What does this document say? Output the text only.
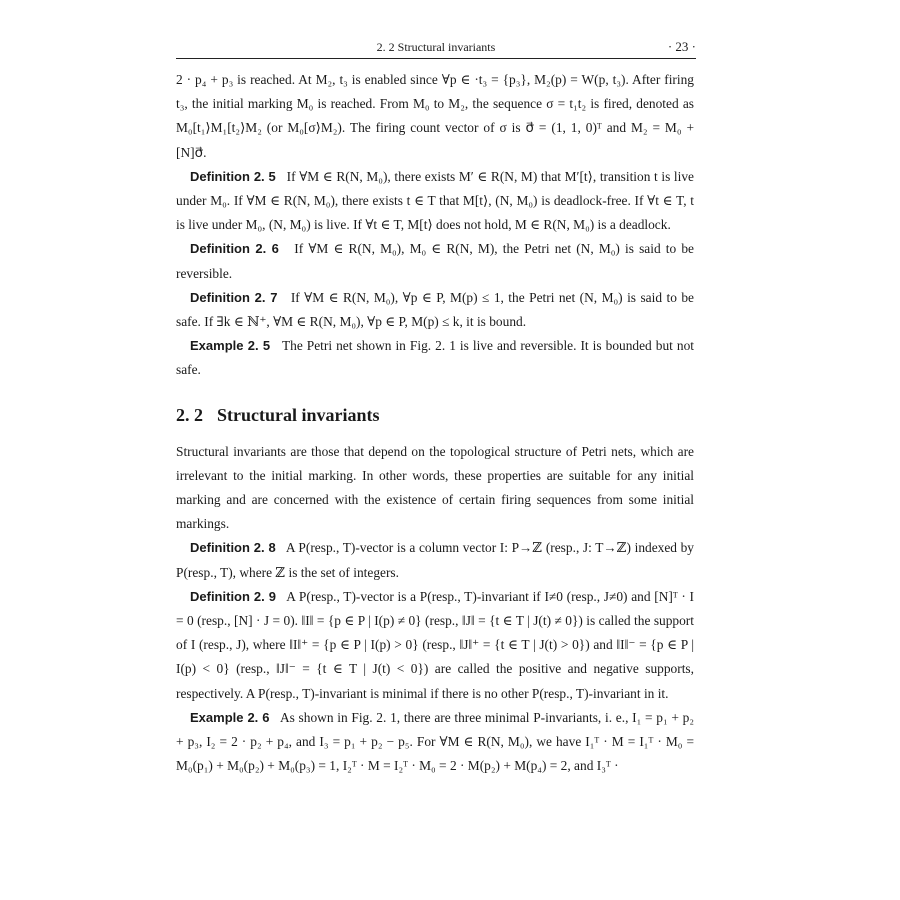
2. 2 Structural invariants	· 23 ·

2 · p₄ + p₃ is reached. At M₂, t₃ is enabled since ∀p ∈ ·t₃ = {p₃}, M₂(p) = W(p, t₃). After firing t₃, the initial marking M₀ is reached. From M₀ to M₂, the sequence σ = t₁t₂ is fired, denoted as M₀[t₁⟩M₁[t₂⟩M₂ (or M₀[σ⟩M₂). The firing count vector of σ is σ⃗ = (1, 1, 0)ᵀ and M₂ = M₀ + [N]σ⃗.

Definition 2. 5 If ∀M ∈ R(N, M₀), there exists M′ ∈ R(N, M) that M′[t⟩, transition t is live under M₀. If ∀M ∈ R(N, M₀), there exists t ∈ T that M[t⟩, (N, M₀) is deadlock-free. If ∀t ∈ T, t is live under M₀, (N, M₀) is live. If ∀t ∈ T, M[t⟩ does not hold, M ∈ R(N, M₀) is a deadlock.

Definition 2. 6 If ∀M ∈ R(N, M₀), M₀ ∈ R(N, M), the Petri net (N, M₀) is said to be reversible.

Definition 2. 7 If ∀M ∈ R(N, M₀), ∀p ∈ P, M(p) ≤ 1, the Petri net (N, M₀) is said to be safe. If ∃k ∈ ℕ⁺, ∀M ∈ R(N, M₀), ∀p ∈ P, M(p) ≤ k, it is bound.

Example 2. 5 The Petri net shown in Fig. 2. 1 is live and reversible. It is bounded but not safe.

2. 2 Structural invariants

Structural invariants are those that depend on the topological structure of Petri nets, which are irrelevant to the initial marking. In other words, these properties are suitable for any initial marking and are concerned with the existence of certain firing sequences from some initial markings.

Definition 2. 8 A P(resp., T)-vector is a column vector I: P→ℤ (resp., J: T→ℤ) indexed by P(resp., T), where ℤ is the set of integers.

Definition 2. 9 A P(resp., T)-vector is a P(resp., T)-invariant if I≠0 (resp., J≠0) and [N]ᵀ · I = 0 (resp., [N] · J = 0). ‖I‖ = {p ∈ P | I(p) ≠ 0} (resp., ‖J‖ = {t ∈ T | J(t) ≠ 0}) is called the support of I (resp., J), where ‖I‖⁺ = {p ∈ P | I(p) > 0} (resp., ‖J‖⁺ = {t ∈ T | J(t) > 0}) and ‖I‖⁻ = {p ∈ P | I(p) < 0} (resp., ‖J‖⁻ = {t ∈ T | J(t) < 0}) are called the positive and negative supports, respectively. A P(resp., T)-invariant is minimal if there is no other P(resp., T)-invariant in it.

Example 2. 6 As shown in Fig. 2. 1, there are three minimal P-invariants, i. e., I₁ = p₁ + p₂ + p₃, I₂ = 2 · p₂ + p₄, and I₃ = p₁ + p₂ − p₅. For ∀M ∈ R(N, M₀), we have I₁ᵀ · M = I₁ᵀ · M₀ = M₀(p₁) + M₀(p₂) + M₀(p₃) = 1, I₂ᵀ · M = I₂ᵀ · M₀ = 2 · M(p₂) + M(p₄) = 2, and I₃ᵀ ·
